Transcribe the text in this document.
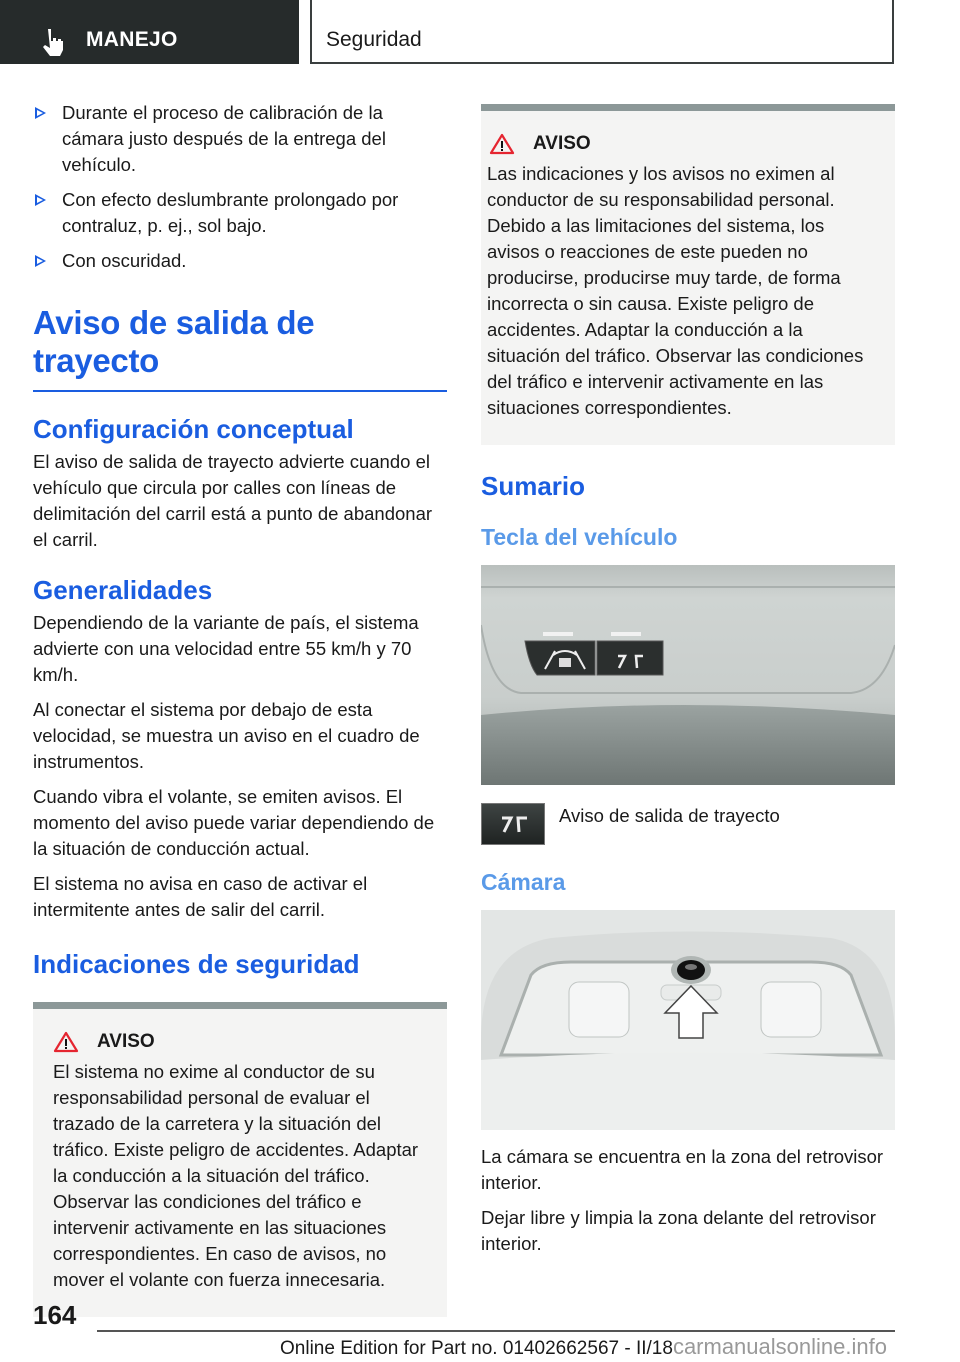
MANEJO	Seguridad
Durante el proceso de calibración de la cámara justo después de la entrega del vehículo.
Con efecto deslumbrante prolongado por contraluz, p. ej., sol bajo.
Con oscuridad.
Aviso de salida de trayecto
Configuración conceptual

El aviso de salida de trayecto advierte cuando el vehículo que circula por calles con líneas de delimitación del carril está a punto de abandonar el carril.

Generalidades

Dependiendo de la variante de país, el sistema advierte con una velocidad entre 55 km/h y 70 km/h.

Al conectar el sistema por debajo de esta velocidad, se muestra un aviso en el cuadro de instrumentos.

Cuando vibra el volante, se emiten avisos. El momento del aviso puede variar dependiendo de la situación de conducción actual.

El sistema no avisa en caso de activar el intermitente antes de salir del carril.

Indicaciones de seguridad
AVISO
El sistema no exime al conductor de su responsabilidad personal de evaluar el trazado de la carretera y la situación del tráfico. Existe peligro de accidentes. Adaptar la conducción a la situación del tráfico. Observar las condiciones del tráfico e intervenir activamente en las situaciones correspondientes. En caso de avisos, no mover el volante con fuerza innecesaria.
AVISO
Las indicaciones y los avisos no eximen al conductor de su responsabilidad personal. Debido a las limitaciones del sistema, los avisos o reacciones de este pueden no producirse, producirse muy tarde, de forma incorrecta o sin causa. Existe peligro de accidentes. Adaptar la conducción a la situación del tráfico. Observar las condiciones del tráfico e intervenir activamente en las situaciones correspondientes.
Sumario
Tecla del vehículo
Aviso de salida de trayecto
Cámara

La cámara se encuentra en la zona del retrovisor interior.

Dejar libre y limpia la zona delante del retrovisor interior.

164
Online Edition for Part no. 01402662567 - II/18carmanualsonline.info
